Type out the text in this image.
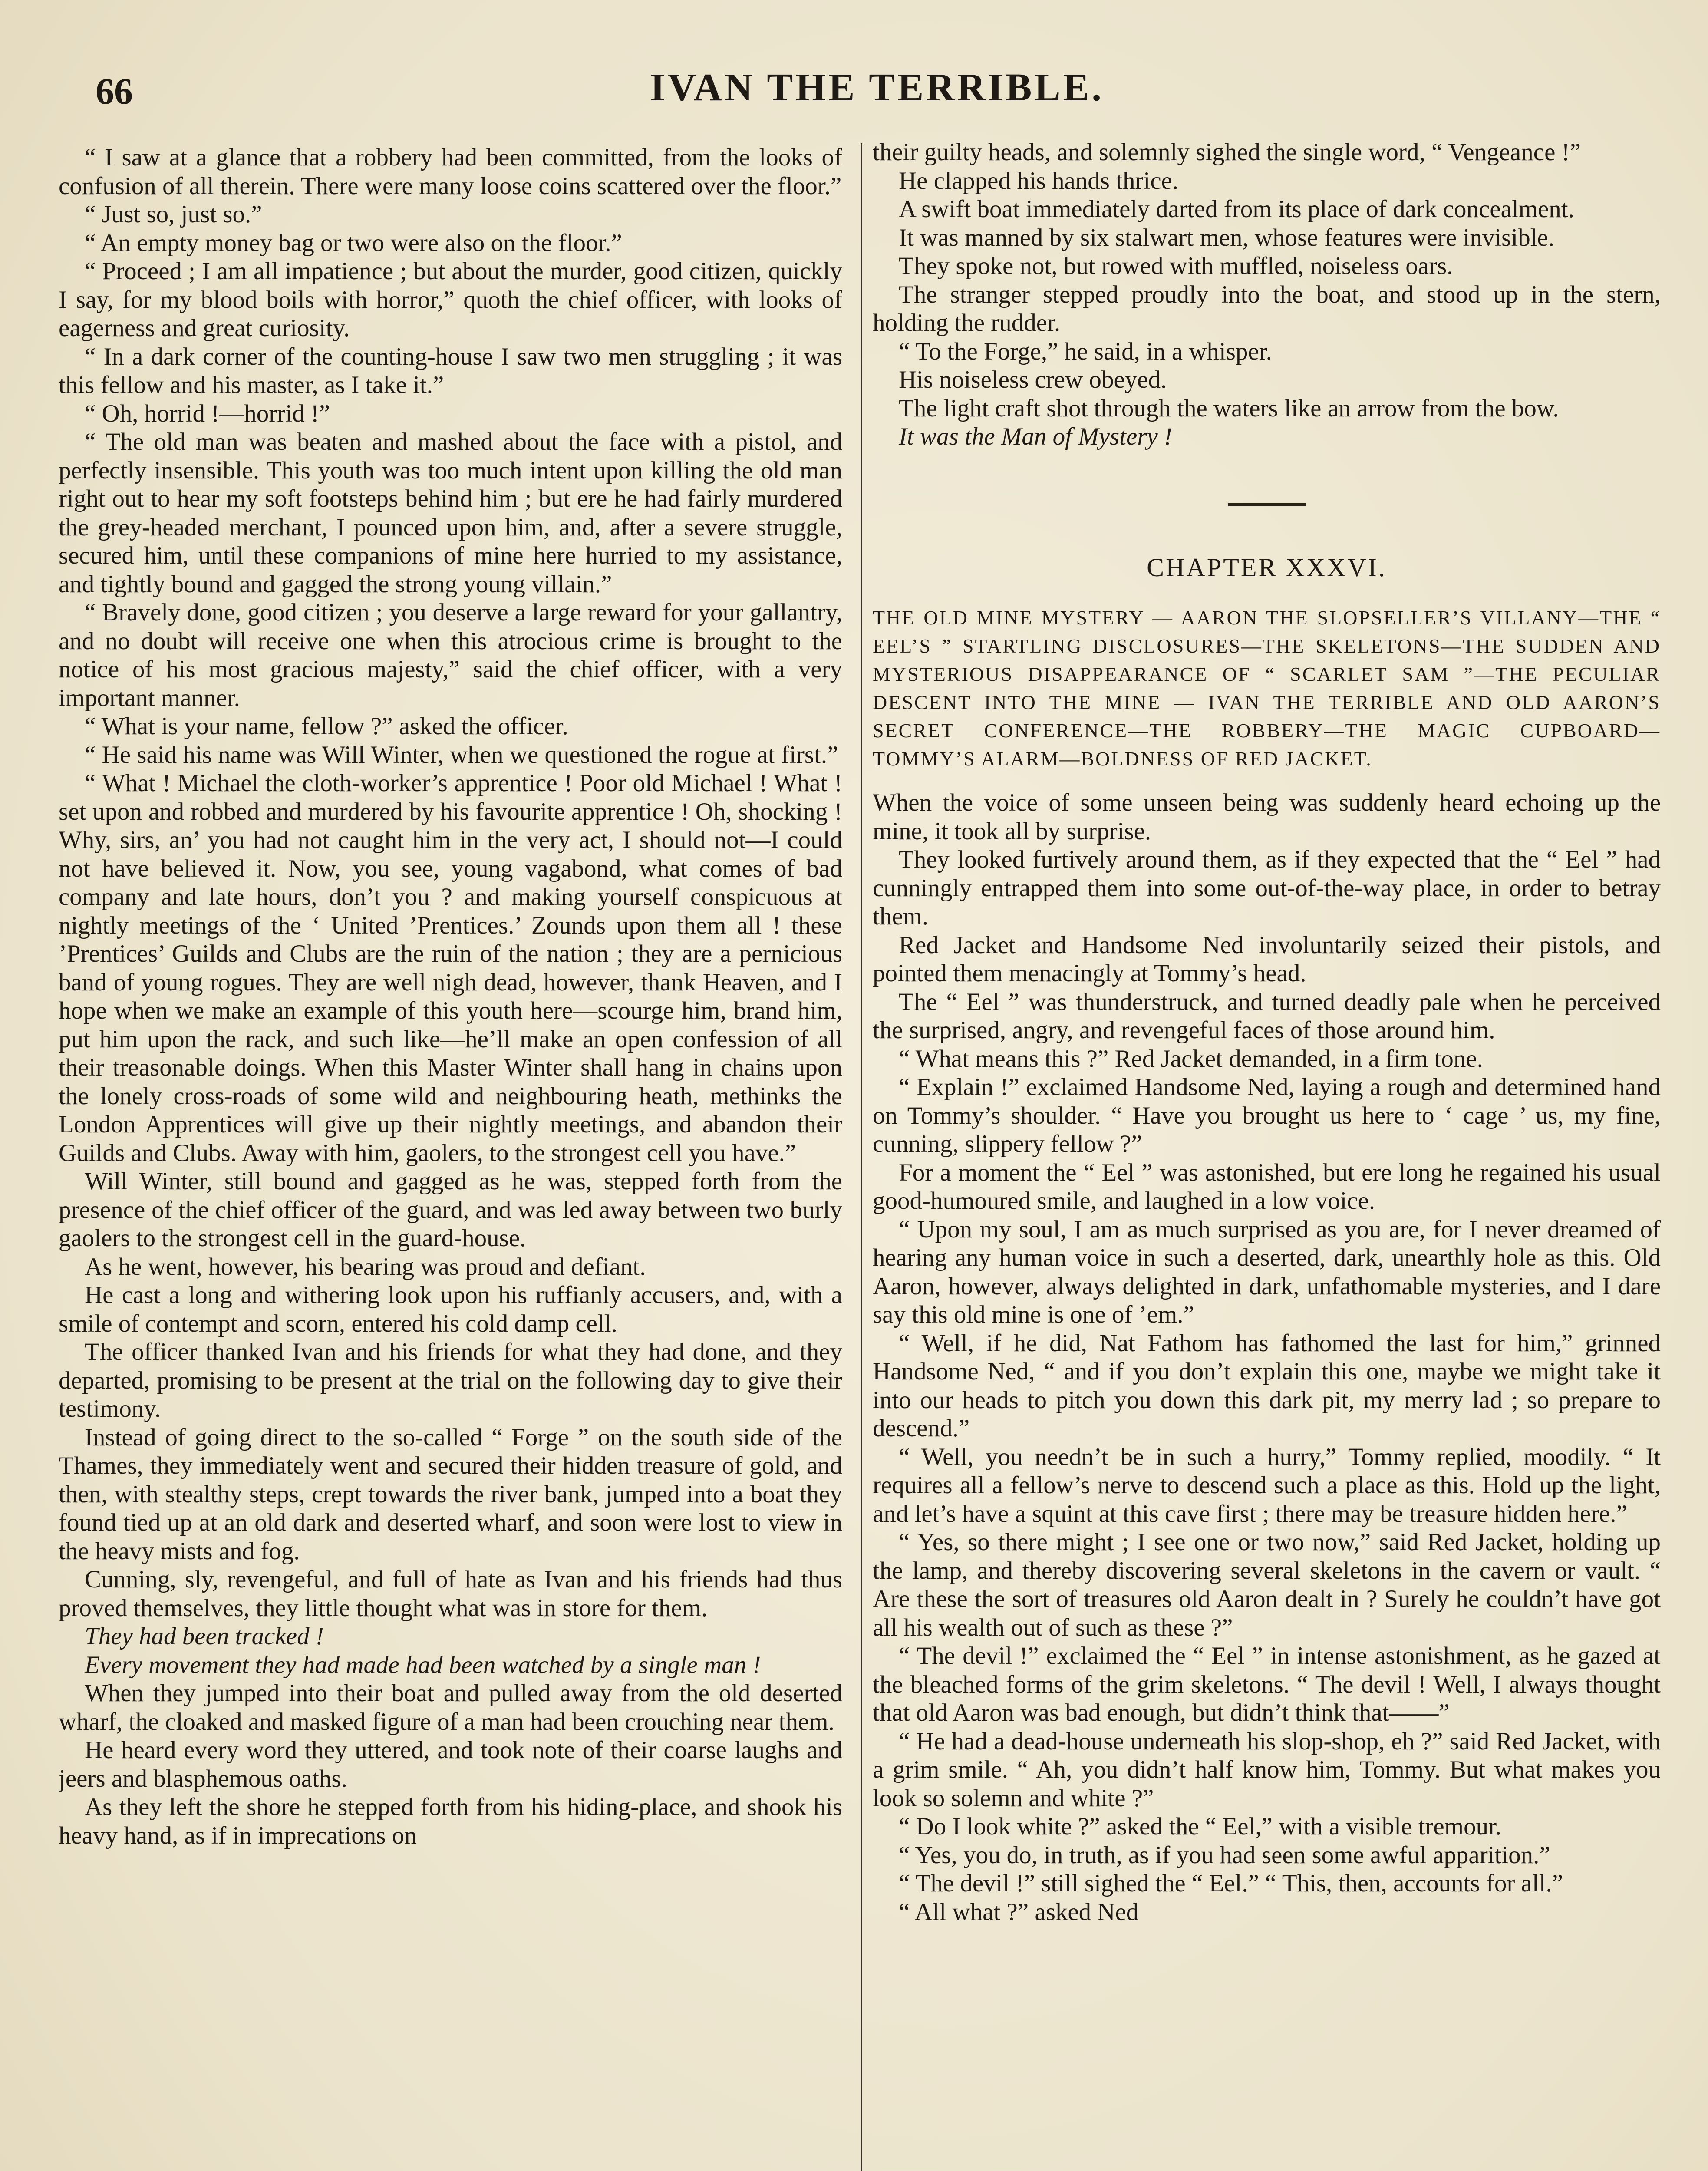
66	IVAN THE TERRIBLE.

“ I saw at a glance that a robbery had been committed, from the looks of confusion of all therein. There were many loose coins scattered over the floor.”

“ Just so, just so.”

“ An empty money bag or two were also on the floor.”

“ Proceed ; I am all impatience ; but about the murder, good citizen, quickly I say, for my blood boils with horror,” quoth the chief officer, with looks of eagerness and great curiosity.

“ In a dark corner of the counting-house I saw two men struggling ; it was this fellow and his master, as I take it.”

“ Oh, horrid !—horrid !”

“ The old man was beaten and mashed about the face with a pistol, and perfectly insensible. This youth was too much intent upon killing the old man right out to hear my soft footsteps behind him ; but ere he had fairly murdered the grey-headed merchant, I pounced upon him, and, after a severe struggle, secured him, until these companions of mine here hurried to my assistance, and tightly bound and gagged the strong young villain.”

“ Bravely done, good citizen ; you deserve a large reward for your gallantry, and no doubt will receive one when this atrocious crime is brought to the notice of his most gracious majesty,” said the chief officer, with a very important manner.

“ What is your name, fellow ?” asked the officer.

“ He said his name was Will Winter, when we questioned the rogue at first.”

“ What ! Michael the cloth-worker’s apprentice ! Poor old Michael ! What ! set upon and robbed and murdered by his favourite apprentice ! Oh, shocking ! Why, sirs, an’ you had not caught him in the very act, I should not—I could not have believed it. Now, you see, young vagabond, what comes of bad company and late hours, don’t you ? and making yourself conspicuous at nightly meetings of the ‘ United ’Prentices.’ Zounds upon them all ! these ’Prentices’ Guilds and Clubs are the ruin of the nation ; they are a pernicious band of young rogues. They are well nigh dead, however, thank Heaven, and I hope when we make an example of this youth here—scourge him, brand him, put him upon the rack, and such like—he’ll make an open confession of all their treasonable doings. When this Master Winter shall hang in chains upon the lonely cross-roads of some wild and neighbouring heath, methinks the London Apprentices will give up their nightly meetings, and abandon their Guilds and Clubs. Away with him, gaolers, to the strongest cell you have.”

Will Winter, still bound and gagged as he was, stepped forth from the presence of the chief officer of the guard, and was led away between two burly gaolers to the strongest cell in the guard-house.

As he went, however, his bearing was proud and defiant.

He cast a long and withering look upon his ruffianly accusers, and, with a smile of contempt and scorn, entered his cold damp cell.

The officer thanked Ivan and his friends for what they had done, and they departed, promising to be present at the trial on the following day to give their testimony.

Instead of going direct to the so-called “ Forge ” on the south side of the Thames, they immediately went and secured their hidden treasure of gold, and then, with stealthy steps, crept towards the river bank, jumped into a boat they found tied up at an old dark and deserted wharf, and soon were lost to view in the heavy mists and fog.

Cunning, sly, revengeful, and full of hate as Ivan and his friends had thus proved themselves, they little thought what was in store for them.

They had been tracked !

Every movement they had made had been watched by a single man !

When they jumped into their boat and pulled away from the old deserted wharf, the cloaked and masked figure of a man had been crouching near them.

He heard every word they uttered, and took note of their coarse laughs and jeers and blasphemous oaths.

As they left the shore he stepped forth from his hiding-place, and shook his heavy hand, as if in imprecations on

their guilty heads, and solemnly sighed the single word, “ Vengeance !”

He clapped his hands thrice.

A swift boat immediately darted from its place of dark concealment.

It was manned by six stalwart men, whose features were invisible.

They spoke not, but rowed with muffled, noiseless oars.

The stranger stepped proudly into the boat, and stood up in the stern, holding the rudder.

“ To the Forge,” he said, in a whisper.

His noiseless crew obeyed.

The light craft shot through the waters like an arrow from the bow.

It was the Man of Mystery !

CHAPTER XXXVI.
THE OLD MINE MYSTERY — AARON THE SLOPSELLER’S VILLANY—THE “ EEL’S ” STARTLING DISCLOSURES—THE SKELETONS—THE SUDDEN AND MYSTERIOUS DISAPPEARANCE OF “ SCARLET SAM ”—THE PECULIAR DESCENT INTO THE MINE — IVAN THE TERRIBLE AND OLD AARON’S SECRET CONFERENCE—THE ROBBERY—THE MAGIC CUPBOARD—TOMMY’S ALARM—BOLDNESS OF RED JACKET.

When the voice of some unseen being was suddenly heard echoing up the mine, it took all by surprise.

They looked furtively around them, as if they expected that the “ Eel ” had cunningly entrapped them into some out-of-the-way place, in order to betray them.

Red Jacket and Handsome Ned involuntarily seized their pistols, and pointed them menacingly at Tommy’s head.

The “ Eel ” was thunderstruck, and turned deadly pale when he perceived the surprised, angry, and revengeful faces of those around him.

“ What means this ?” Red Jacket demanded, in a firm tone.

“ Explain !” exclaimed Handsome Ned, laying a rough and determined hand on Tommy’s shoulder. “ Have you brought us here to ‘ cage ’ us, my fine, cunning, slippery fellow ?”

For a moment the “ Eel ” was astonished, but ere long he regained his usual good-humoured smile, and laughed in a low voice.

“ Upon my soul, I am as much surprised as you are, for I never dreamed of hearing any human voice in such a deserted, dark, unearthly hole as this. Old Aaron, however, always delighted in dark, unfathomable mysteries, and I dare say this old mine is one of ’em.”

“ Well, if he did, Nat Fathom has fathomed the last for him,” grinned Handsome Ned, “ and if you don’t explain this one, maybe we might take it into our heads to pitch you down this dark pit, my merry lad ; so prepare to descend.”

“ Well, you needn’t be in such a hurry,” Tommy replied, moodily. “ It requires all a fellow’s nerve to descend such a place as this. Hold up the light, and let’s have a squint at this cave first ; there may be treasure hidden here.”

“ Yes, so there might ; I see one or two now,” said Red Jacket, holding up the lamp, and thereby discovering several skeletons in the cavern or vault. “ Are these the sort of treasures old Aaron dealt in ? Surely he couldn’t have got all his wealth out of such as these ?”

“ The devil !” exclaimed the “ Eel ” in intense astonishment, as he gazed at the bleached forms of the grim skeletons. “ The devil ! Well, I always thought that old Aaron was bad enough, but didn’t think that——”

“ He had a dead-house underneath his slop-shop, eh ?” said Red Jacket, with a grim smile. “ Ah, you didn’t half know him, Tommy. But what makes you look so solemn and white ?”

“ Do I look white ?” asked the “ Eel,” with a visible tremour.

“ Yes, you do, in truth, as if you had seen some awful apparition.”

“ The devil !” still sighed the “ Eel.” “ This, then, accounts for all.”

“ All what ?” asked Ned
